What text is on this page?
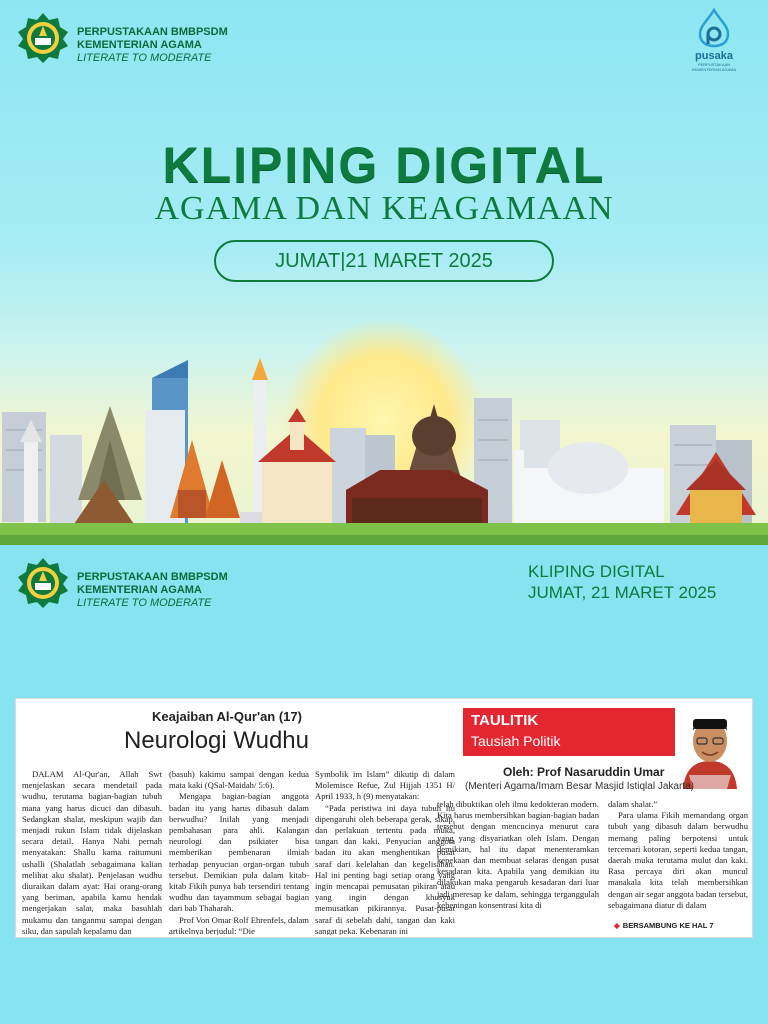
PERPUSTAKAAN BMBPSDM
KEMENTERIAN AGAMA
LITERATE TO MODERATE	pusaka
PERPUSTAKAAN KEMENTERIAN AGAMA
KLIPING DIGITAL
AGAMA DAN KEAGAMAAN
JUMAT|21 MARET 2025
PERPUSTAKAAN BMBPSDM
KEMENTERIAN AGAMA
LITERATE TO MODERATE
KLIPING DIGITAL
JUMAT, 21 MARET 2025
Keajaiban Al-Qur'an (17)
Neurologi Wudhu
TAULITIK
Tausiah Politik
Oleh: Prof Nasaruddin Umar
(Menteri Agama/Imam Besar Masjid Istiqlal Jakarta)

DALAM Al-Qur'an, Allah Swt menjelaskan secara mendetail pada wudhu, terutama bagian-bagian tubuh mana yang harus dicuci dan dibasuh. Sedangkan shalat, meskipun wajib dan menjadi rukun Islam tidak dijelaskan secara detail. Hanya Nabi pernah menyatakan: Shallu kama raitumuni ushalli (Shalatlah sebagaimana kalian melihat aku shalat). Penjelasan wudhu diuraikan dalam ayat: Hai orang-orang yang beriman, apabila kamu hendak mengerjakan salat, maka basuhlah mukamu dan tanganmu sampai dengan siku, dan sapulah kepalamu dan

(basuh) kakimu sampai dengan kedua mata kaki (QSal-Maidah/ 5:6).

Mengapa bagian-bagian anggota badan itu yang harus dibasuh dalam berwudhu? Inilah yang menjadi pembahasan para ahli. Kalangan neurologi dan psikiater bisa memberikan pembenaran ilmiah terhadap penyucian organ-organ tubuh tersebut. Demikian pula dalam kitab-kitab Fikih punya bab tersendiri tentang wudhu dan tayammum sebagai bagian dari bab Thaharah.

Prof Von Omar Rolf Ehrenfels, dalam artikelnya berjudul: “Die

Symbolik im Islam” dikutip di dalam Molemisce Refue, Zul Hijjah 1351 H/ April 1933, h (9) menyatakan:

“Pada peristiwa ini daya tubuh itu dipengaruhi oleh beberapa gerak, sikap, dan perlakuan tertentu pada muka, tangan dan kaki. Penyucian anggota badan itu akan menghentikan pusat saraf dari kelelahan dan kegelisahan. Hal ini penting bagi setiap orang yang ingin mencapai pemusatan pikiran atau yang ingin dengan khusyuk memusatkan pikirannya. Pusat-pusat saraf di sebelah dahi, tangan dan kaki sangat peka. Kebenaran ini

telah dibuktikan oleh ilmu kedokteran modern. Kita harus membersihkan bagian-bagian badan tersebut dengan mencucinya menurut cara yang yang disyariatkan oleh Islam. Dengan demikian, hal itu dapat menenteramkan kepekaan dan membuat selaras dengan pusat kesadaran kita. Apabila yang demikian itu dilakukan maka pengaruh kesadaran dari luar jadi meresap ke dalam, sehingga terganggulah keheningan konsentrasi kita di
dalam shalat.”

Para ulama Fikih memandang organ tubuh yang dibasuh dalam berwudhu memang paling berpotensi untuk tercemari kotoran, seperti kedua tangan, daerah muka terutama mulut dan kaki. Rasa percaya diri akan muncul manakala kita telah membersihkan dengan air segar anggota badan tersebut, sebagaimana diatur di dalam

◆ BERSAMBUNG KE HAL 7
